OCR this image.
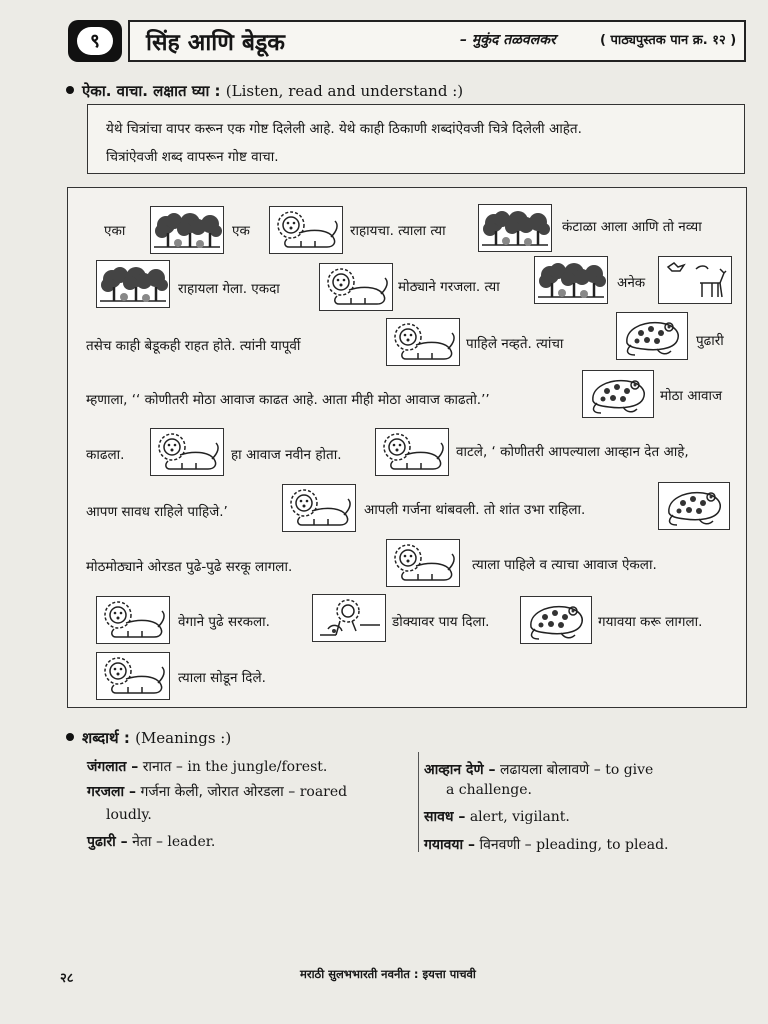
९	सिंह आणि बेडूक	– मुकुंद तळवलकर	( पाठ्यपुस्तक पान क्र. १२ )
ऐका. वाचा. लक्षात घ्या : (Listen, read and understand :)
येथे चित्रांचा वापर करून एक गोष्ट दिलेली आहे. येथे काही ठिकाणी शब्दांऐवजी चित्रे दिलेली आहेत.
चित्रांऐवजी शब्द वापरून गोष्ट वाचा.
एका	एक	राहायचा. त्याला त्या	कंटाळा आला आणि तो नव्या
राहायला गेला. एकदा	मोठ्याने गरजला. त्या	अनेक
तसेच काही बेडूकही राहत होते. त्यांनी यापूर्वी	पाहिले नव्हते. त्यांचा	पुढारी
म्हणाला, ‘‘ कोणीतरी मोठा आवाज काढत आहे. आता मीही मोठा आवाज काढतो.’’	मोठा आवाज
काढला.	हा आवाज नवीन होता.	वाटले, ‘ कोणीतरी आपल्याला आव्हान देत आहे,
आपण सावध राहिले पाहिजे.’	आपली गर्जना थांबवली. तो शांत उभा राहिला.
मोठमोठ्याने ओरडत पुढे-पुढे सरकू लागला.	त्याला पाहिले व त्याचा आवाज ऐकला.
वेगाने पुढे सरकला.	डोक्यावर पाय दिला.	गयावया करू लागला.
त्याला सोडून दिले.
शब्दार्थ : (Meanings :)
जंगलात – रानात – in the jungle/forest.
गरजला – गर्जना केली, जोरात ओरडला – roared
loudly.
पुढारी – नेता – leader.
आव्हान देणे – लढायला बोलावणे – to give
a challenge.
सावध – alert, vigilant.
गयावया – विनवणी – pleading, to plead.
२८	मराठी सुलभभारती नवनीत : इयत्ता पाचवी
